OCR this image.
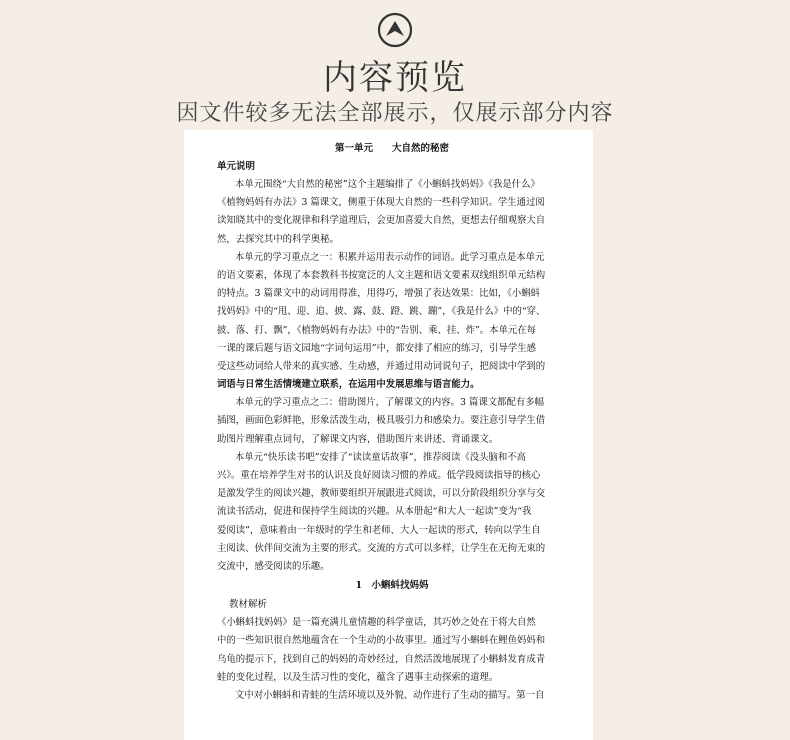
内容预览
因文件较多无法全部展示，仅展示部分内容

第一单元　　大自然的秘密
单元说明
本单元围绕“大自然的秘密”这个主题编排了《小蝌蚪找妈妈》《我是什么》
《植物妈妈有办法》3 篇课文，侧重于体现大自然的一些科学知识。学生通过阅
读知晓其中的变化规律和科学道理后，会更加喜爱大自然，更想去仔细观察大自
然，去探究其中的科学奥秘。
本单元的学习重点之一：积累并运用表示动作的词语。此学习重点是本单元
的语文要素，体现了本套教科书按宽泛的人文主题和语文要素双线组织单元结构
的特点。3 篇课文中的动词用得准，用得巧，增强了表达效果：比如，《小蝌蚪
找妈妈》中的“甩、迎、追、披、露、鼓、蹬、跳、蹦”，《我是什么》中的“穿、
披、落、打、飘”，《植物妈妈有办法》中的“告别、乘、挂、炸”。本单元在每
一课的课后题与语文园地“字词句运用”中，都安排了相应的练习，引导学生感
受这些动词给人带来的真实感、生动感，并通过用动词说句子，把阅读中学到的
词语与日常生活情境建立联系，在运用中发展思维与语言能力。
本单元的学习重点之二：借助图片，了解课文的内容。3 篇课文都配有多幅
插图，画面色彩鲜艳，形象活泼生动，极具吸引力和感染力。要注意引导学生借
助图片理解重点词句，了解课文内容，借助图片来讲述、背诵课文。
本单元“快乐读书吧”安排了“读读童话故事”，推荐阅读《没头脑和不高
兴》。重在培养学生对书的认识及良好阅读习惯的养成。低学段阅读指导的核心
是激发学生的阅读兴趣，教师要组织开展跟进式阅读，可以分阶段组织分享与交
流读书活动，促进和保持学生阅读的兴趣。从本册起“和大人一起读”变为“我
爱阅读”，意味着由一年级时的学生和老师、大人一起读的形式，转向以学生自
主阅读、伙伴间交流为主要的形式。交流的方式可以多样，让学生在无拘无束的
交流中，感受阅读的乐趣。
1　小蝌蚪找妈妈
教材解析
《小蝌蚪找妈妈》是一篇充满儿童情趣的科学童话，其巧妙之处在于将大自然
中的一些知识很自然地蕴含在一个生动的小故事里。通过写小蝌蚪在鲤鱼妈妈和
乌龟的提示下，找到自己的妈妈的奇妙经过，自然活泼地展现了小蝌蚪发育成青
蛙的变化过程，以及生活习性的变化，蕴含了遇事主动探索的道理。
文中对小蝌蚪和青蛙的生活环境以及外貌、动作进行了生动的描写。第一自
